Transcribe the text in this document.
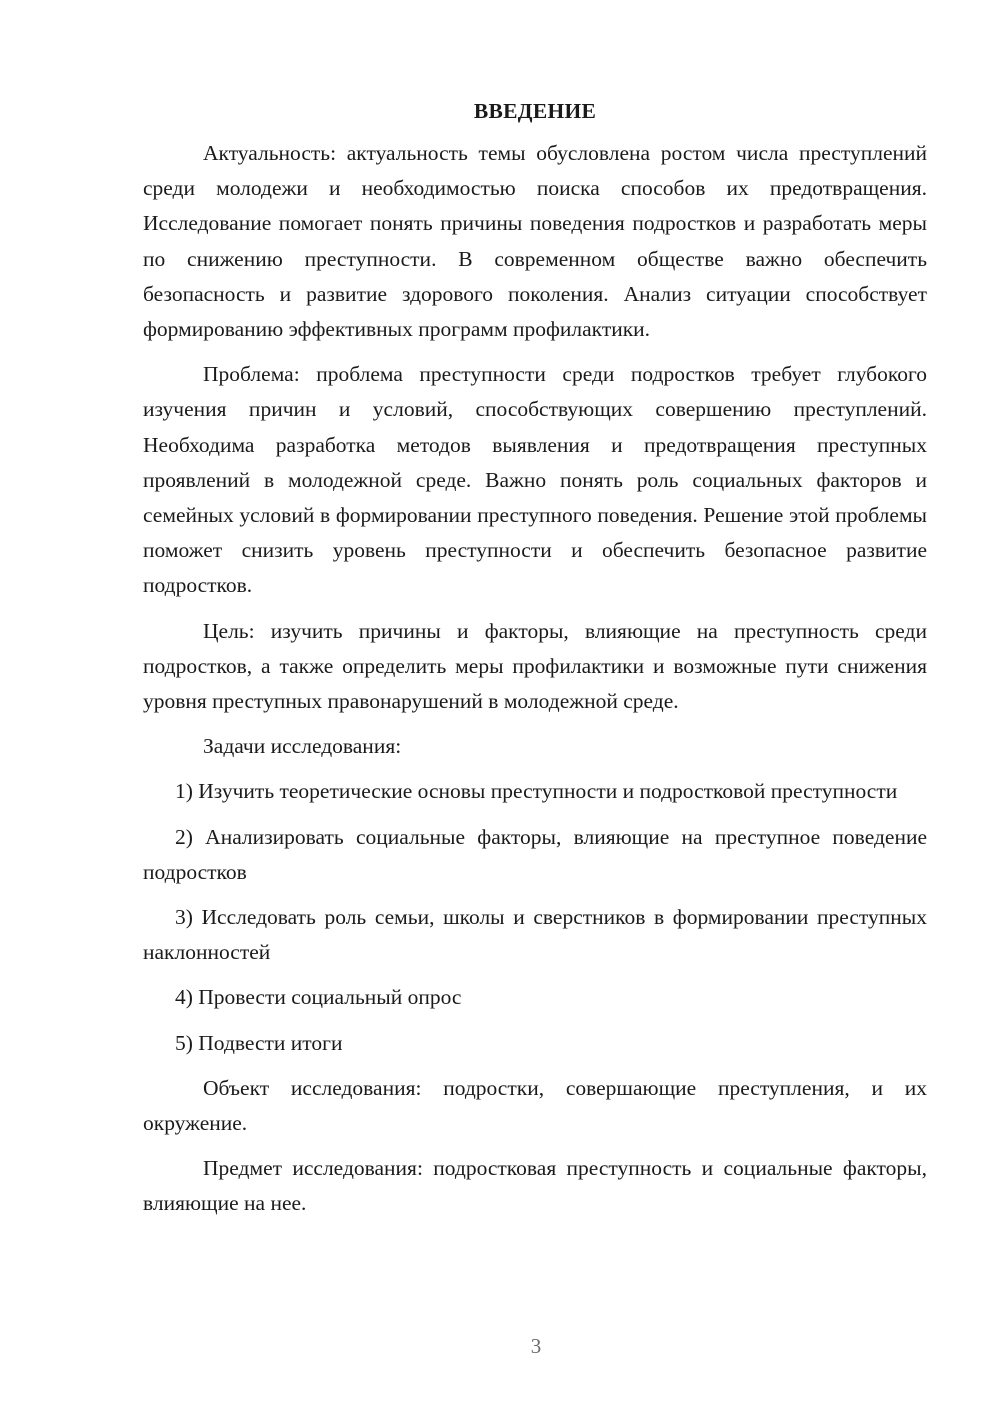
ВВЕДЕНИЕ

Актуальность: актуальность темы обусловлена ростом числа преступлений среди молодежи и необходимостью поиска способов их предотвращения. Исследование помогает понять причины поведения подростков и разработать меры по снижению преступности. В современном обществе важно обеспечить безопасность и развитие здорового поколения. Анализ ситуации способствует формированию эффективных программ профилактики.

Проблема: проблема преступности среди подростков требует глубокого изучения причин и условий, способствующих совершению преступлений. Необходима разработка методов выявления и предотвращения преступных проявлений в молодежной среде. Важно понять роль социальных факторов и семейных условий в формировании преступного поведения. Решение этой проблемы поможет снизить уровень преступности и обеспечить безопасное развитие подростков.

Цель: изучить причины и факторы, влияющие на преступность среди подростков, а также определить меры профилактики и возможные пути снижения уровня преступных правонарушений в молодежной среде.

Задачи исследования:

1) Изучить теоретические основы преступности и подростковой преступности

2) Анализировать социальные факторы, влияющие на преступное поведение подростков

3) Исследовать роль семьи, школы и сверстников в формировании преступных наклонностей

4) Провести социальный опрос

5) Подвести итоги

Объект исследования: подростки, совершающие преступления, и их окружение.

Предмет исследования: подростковая преступность и социальные факторы, влияющие на нее.

3
